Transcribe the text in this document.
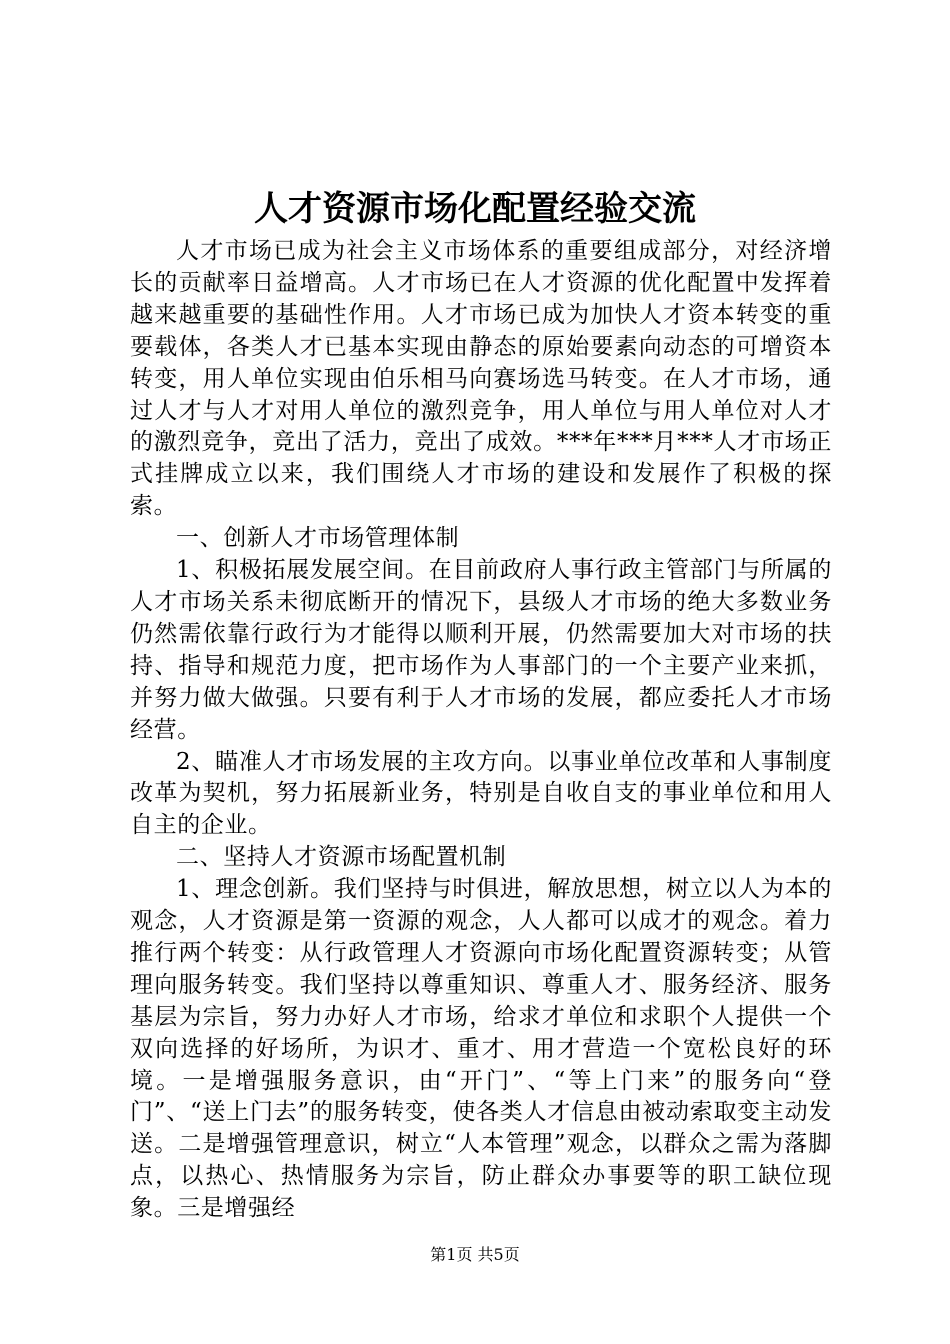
人才资源市场化配置经验交流

人才市场已成为社会主义市场体系的重要组成部分，对经济增长的贡献率日益增高。人才市场已在人才资源的优化配置中发挥着越来越重要的基础性作用。人才市场已成为加快人才资本转变的重要载体，各类人才已基本实现由静态的原始要素向动态的可增资本转变，用人单位实现由伯乐相马向赛场选马转变。在人才市场，通过人才与人才对用人单位的激烈竞争，用人单位与用人单位对人才的激烈竞争，竞出了活力，竞出了成效。***年***月***人才市场正式挂牌成立以来，我们围绕人才市场的建设和发展作了积极的探索。

一、创新人才市场管理体制

1、积极拓展发展空间。在目前政府人事行政主管部门与所属的人才市场关系未彻底断开的情况下，县级人才市场的绝大多数业务仍然需依靠行政行为才能得以顺利开展，仍然需要加大对市场的扶持、指导和规范力度，把市场作为人事部门的一个主要产业来抓，并努力做大做强。只要有利于人才市场的发展，都应委托人才市场经营。

2、瞄准人才市场发展的主攻方向。以事业单位改革和人事制度改革为契机，努力拓展新业务，特别是自收自支的事业单位和用人自主的企业。

二、坚持人才资源市场配置机制

1、理念创新。我们坚持与时俱进，解放思想，树立以人为本的观念，人才资源是第一资源的观念，人人都可以成才的观念。着力推行两个转变：从行政管理人才资源向市场化配置资源转变；从管理向服务转变。我们坚持以尊重知识、尊重人才、服务经济、服务基层为宗旨，努力办好人才市场，给求才单位和求职个人提供一个双向选择的好场所，为识才、重才、用才营造一个宽松良好的环境。一是增强服务意识，由“开门”、“等上门来”的服务向“登门”、“送上门去”的服务转变，使各类人才信息由被动索取变主动发送。二是增强管理意识，树立“人本管理”观念，以群众之需为落脚点，以热心、热情服务为宗旨，防止群众办事要等的职工缺位现象。三是增强经

第1页 共5页
